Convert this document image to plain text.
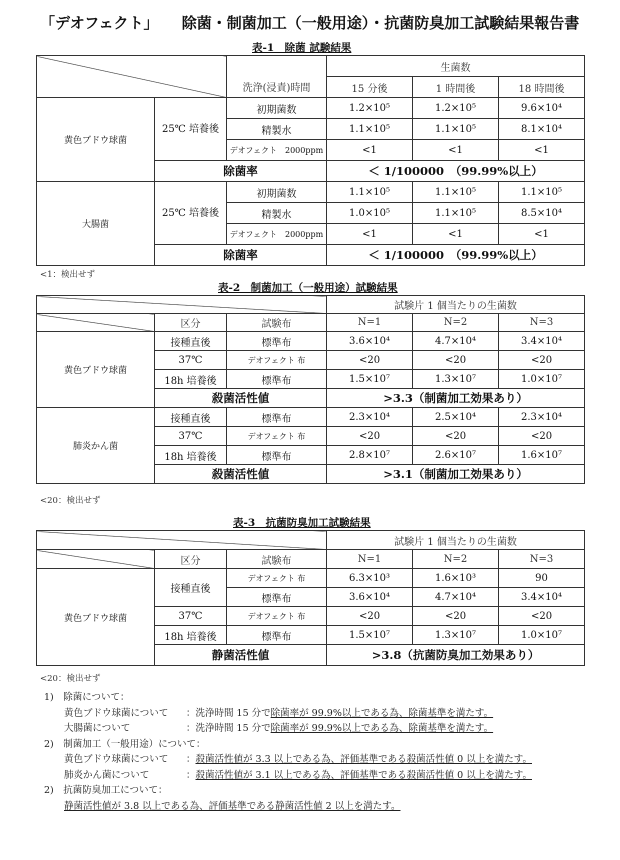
「デオフェクト」 除菌・制菌加工（一般用途）・抗菌防臭加工試験結果報告書
表-1　除菌 試験結果
		洗浄(浸責)時間	生菌数		
			15 分後	1 時間後	18 時間後

黄色ブドウ球菌	25℃ 培養後	初期菌数	1.2×10⁵	1.2×10⁵	9.6×10⁴
		精製水	1.1×10⁵	1.1×10⁵	8.1×10⁴
		デオフェクト　2000ppm	<1	<1	<1
	除菌率		＜ 1/100000　（99.99%以上）		
大腸菌	25℃ 培養後	初期菌数	1.1×10⁵	1.1×10⁵	1.1×10⁵
		精製水	1.0×10⁵	1.1×10⁵	8.5×10⁴
		デオフェクト　2000ppm	<1	<1	<1
	除菌率		＜ 1/100000　（99.99%以上）		
<1：検出せず
表-2　制菌加工（一般用途）試験結果
			試験片 1 個当たりの生菌数		
	区分	試験布	N=1	N=2	N=3
黄色ブドウ球菌	接種直後	標準布	3.6×10⁴	4.7×10⁴	3.4×10⁴
	37℃	デオフェクト 布	<20	<20	<20
	18h 培養後	標準布	1.5×10⁷	1.3×10⁷	1.0×10⁷
	殺菌活性値		>3.3（制菌加工効果あり）		
肺炎かん菌	接種直後	標準布	2.3×10⁴	2.5×10⁴	2.3×10⁴
	37℃	デオフェクト 布	<20	<20	<20
	18h 培養後	標準布	2.8×10⁷	2.6×10⁷	1.6×10⁷
	殺菌活性値		>3.1（制菌加工効果あり）		
<20：検出せず
表-3　抗菌防臭加工試験結果
			試験片 1 個当たりの生菌数		
	区分	試験布	N=1	N=2	N=3
黄色ブドウ球菌	接種直後	デオフェクト 布	6.3×10³	1.6×10³	90
		標準布	3.6×10⁴	4.7×10⁴	3.4×10⁴
	37℃	デオフェクト 布	<20	<20	<20
	18h 培養後	標準布	1.5×10⁷	1.3×10⁷	1.0×10⁷
	静菌活性値		>3.8（抗菌防臭加工効果あり）		
<20：検出せず
1)　除菌について：
黄色ブドウ球菌について ：洗浄時間 15 分で除菌率が 99.9%以上である為、除菌基準を満たす。
大腸菌について	：洗浄時間 15 分で除菌率が 99.9%以上である為、除菌基準を満たす。
2)　制菌加工（一般用途）について：
黄色ブドウ球菌について ：殺菌活性値が 3.3 以上である為、評価基準である殺菌活性値 0 以上を満たす。
肺炎かん菌について	：殺菌活性値が 3.1 以上である為、評価基準である殺菌活性値 0 以上を満たす。
2)　抗菌防臭加工について：
静菌活性値が 3.8 以上である為、評価基準である静菌活性値 2 以上を満たす。
